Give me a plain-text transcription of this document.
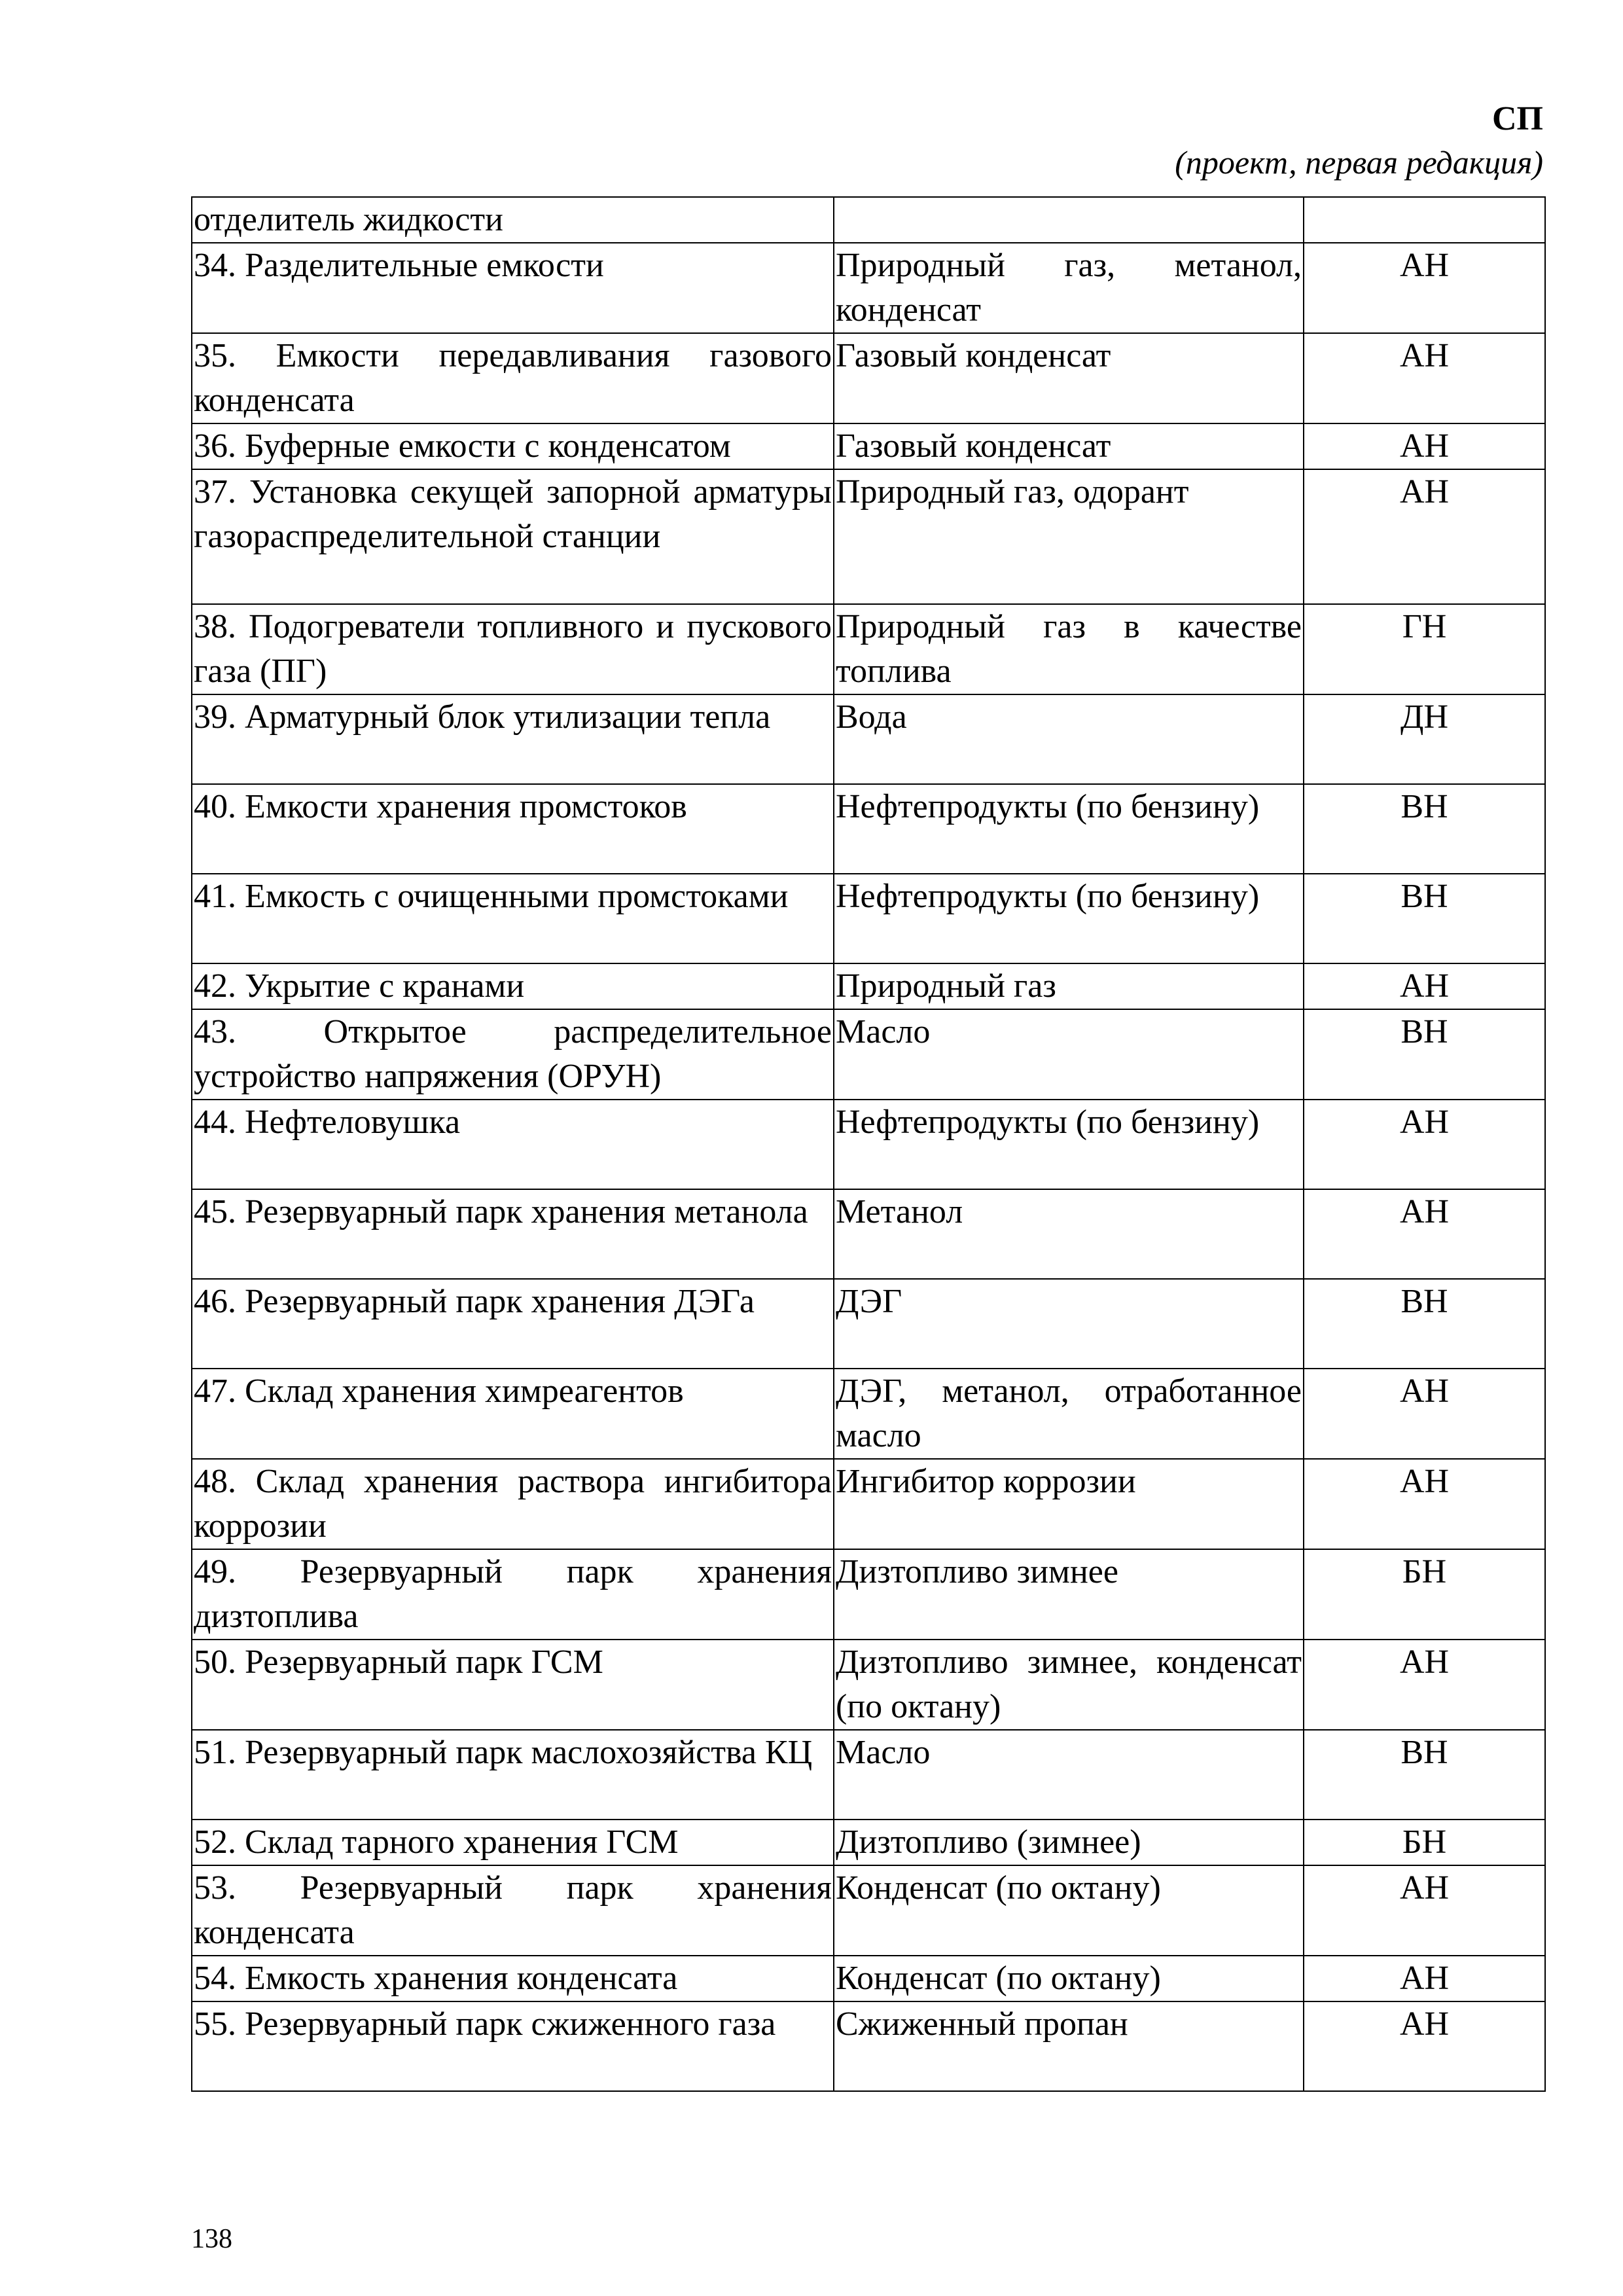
СП
(проект, первая редакция)
отделитель жидкости		
34. Разделительные емкости	Природный газ, метанол, конденсат	АН
35. Емкости передавливания газового конденсата	Газовый конденсат	АН
36. Буферные емкости с конденсатом	Газовый конденсат	АН
37. Установка секущей запорной арматуры газораспределительной станции	Природный газ, одорант	АН
38. Подогреватели топливного и пускового газа (ПГ)	Природный газ в качестве топлива	ГН
39. Арматурный блок утилизации тепла	Вода	ДН
40. Емкости хранения промстоков	Нефтепродукты (по бензину)	ВН
41. Емкость с очищенными промстоками	Нефтепродукты (по бензину)	ВН
42. Укрытие с кранами	Природный газ	АН
43. Открытое распределительное устройство напряжения (ОРУН)	Масло	ВН
44. Нефтеловушка	Нефтепродукты (по бензину)	АН
45. Резервуарный парк хранения метанола	Метанол	АН
46. Резервуарный парк хранения ДЭГа	ДЭГ	ВН
47. Склад хранения химреагентов	ДЭГ, метанол, отработанное масло	АН
48. Склад хранения раствора ингибитора коррозии	Ингибитор коррозии	АН
49. Резервуарный парк хранения дизтоплива	Дизтопливо зимнее	БН
50. Резервуарный парк ГСМ	Дизтопливо зимнее, конденсат (по октану)	АН
51. Резервуарный парк маслохозяйства КЦ	Масло	ВН
52. Склад тарного хранения ГСМ	Дизтопливо (зимнее)	БН
53. Резервуарный парк хранения конденсата	Конденсат (по октану)	АН
54. Емкость хранения конденсата	Конденсат (по октану)	АН
55. Резервуарный парк сжиженного газа	Сжиженный пропан	АН
138
